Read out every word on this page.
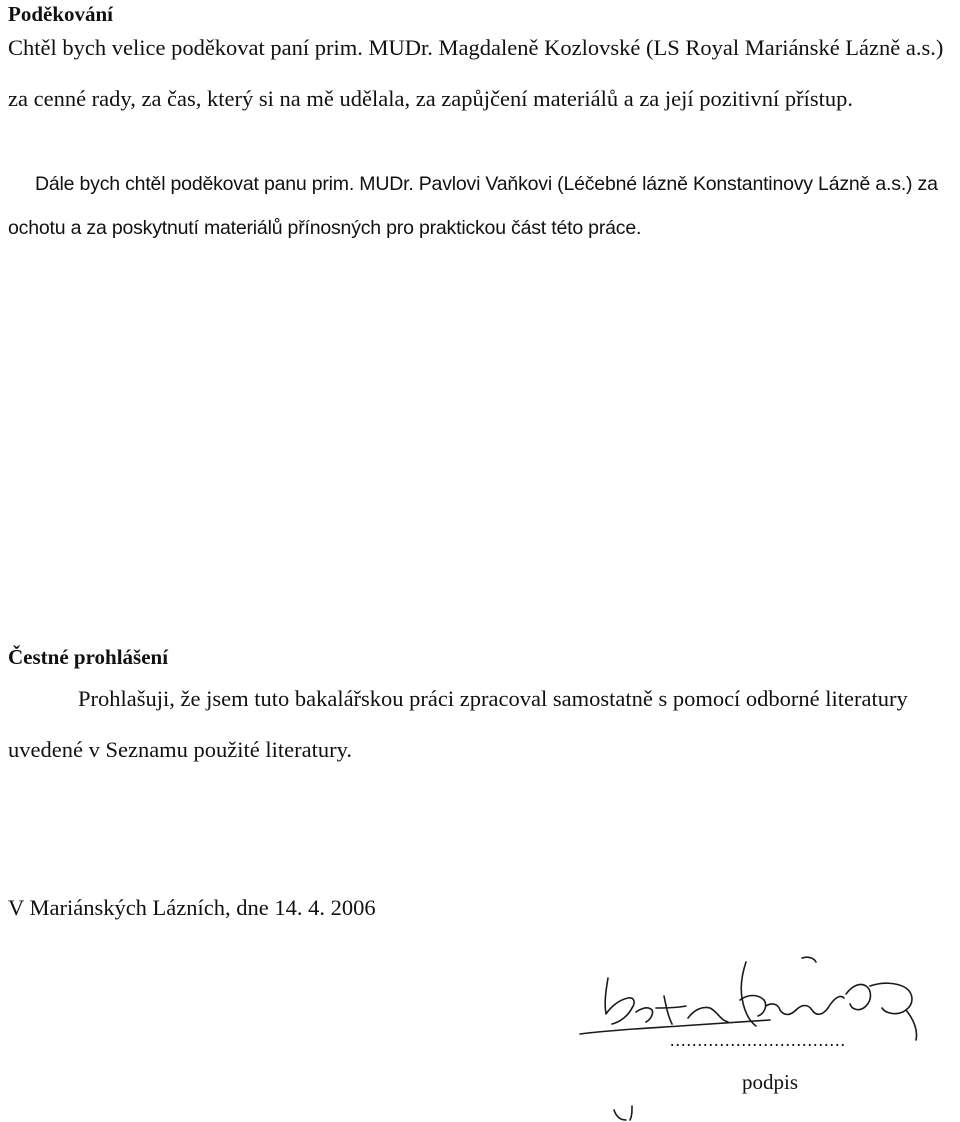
Poděkování

Chtěl bych velice poděkovat paní prim. MUDr. Magdaleně Kozlovské (LS Royal Mariánské Lázně a.s.) za cenné rady, za čas, který si na mě udělala, za zapůjčení materiálů a za její pozitivní přístup.

Dále bych chtěl poděkovat panu prim. MUDr. Pavlovi Vaňkovi (Léčebné lázně Konstantinovy Lázně a.s.) za ochotu a za poskytnutí materiálů přínosných pro praktickou část této práce.

Čestné prohlášení

Prohlašuji, že jsem tuto bakalářskou práci zpracoval samostatně s pomocí odborné literatury uvedené v Seznamu použité literatury.

V Mariánských Lázních, dne 14. 4. 2006

................................
podpis
